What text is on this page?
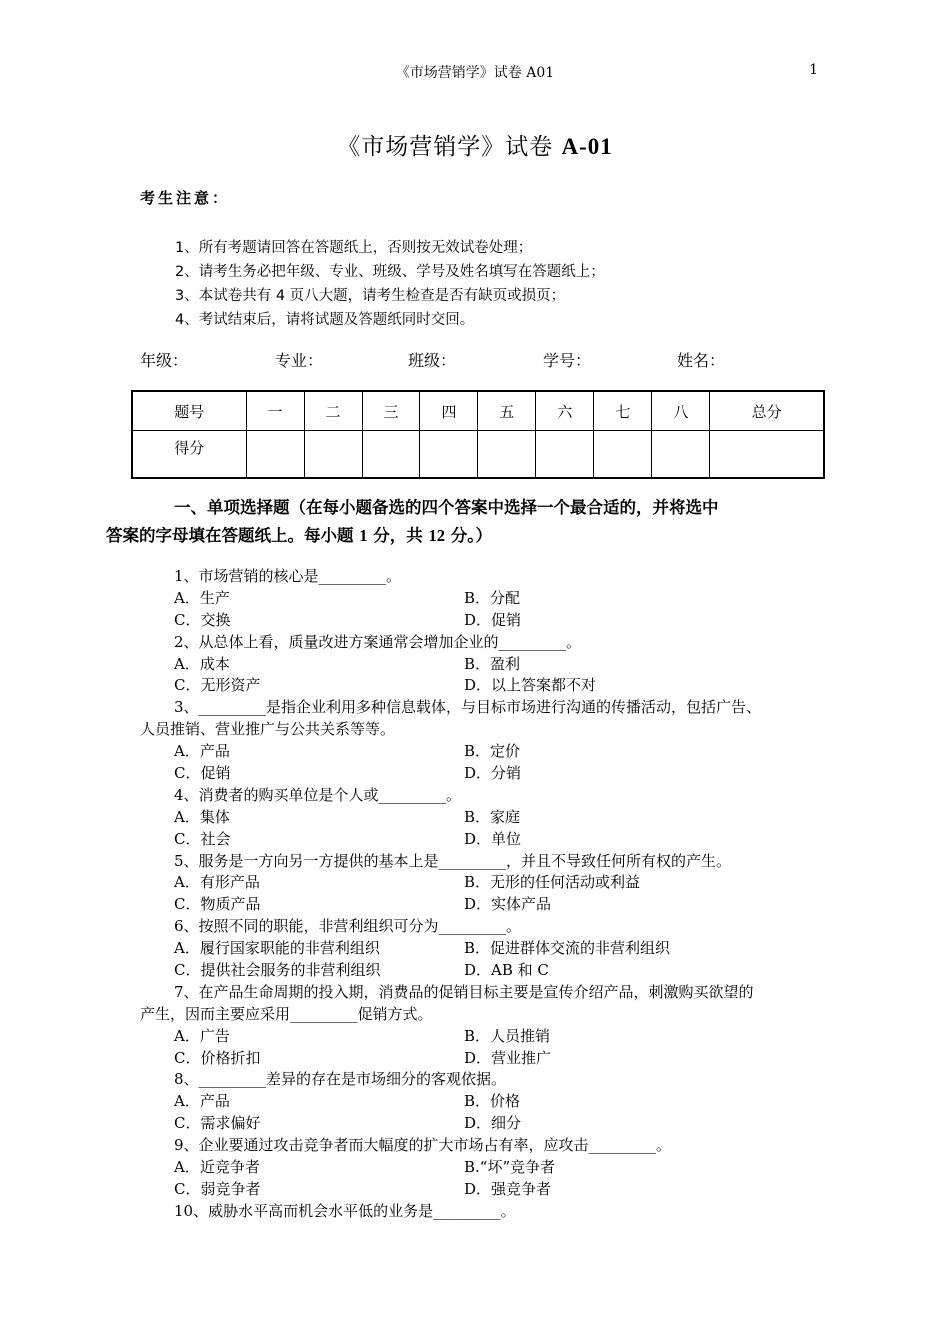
《市场营销学》试卷 A01	1
《市场营销学》试卷 A-01
考生注意：
1、所有考题请回答在答题纸上，否则按无效试卷处理；
2、请考生务必把年级、专业、班级、学号及姓名填写在答题纸上；
3、本试卷共有 4 页八大题，请考生检查是否有缺页或损页；
4、考试结束后，请将试题及答题纸同时交回。
年级：	专业：	班级：	学号：	姓名：
题号	一	二	三	四	五	六	七	八	总分
得分									
一、单项选择题（在每小题备选的四个答案中选择一个最合适的，并将选中
答案的字母填在答题纸上。每小题 1 分，共 12 分。）
1、市场营销的核心是_________。
A．生产	B．分配
C．交换	D．促销
2、从总体上看，质量改进方案通常会增加企业的_________。
A．成本	B．盈利
C．无形资产	D．以上答案都不对
3、_________是指企业利用多种信息载体，与目标市场进行沟通的传播活动，包括广告、
人员推销、营业推广与公共关系等等。
A．产品	B．定价
C．促销	D．分销
4、消费者的购买单位是个人或_________。
A．集体	B．家庭
C．社会	D．单位
5、服务是一方向另一方提供的基本上是_________，并且不导致任何所有权的产生。
A．有形产品	B．无形的任何活动或利益
C．物质产品	D．实体产品
6、按照不同的职能，非营利组织可分为_________。
A．履行国家职能的非营利组织	B．促进群体交流的非营利组织
C．提供社会服务的非营利组织	D．AB 和 C
7、在产品生命周期的投入期，消费品的促销目标主要是宣传介绍产品，刺激购买欲望的
产生，因而主要应采用_________促销方式。
A．广告	B．人员推销
C．价格折扣	D．营业推广
8、_________差异的存在是市场细分的客观依据。
A．产品	B．价格
C．需求偏好	D．细分
9、企业要通过攻击竞争者而大幅度的扩大市场占有率，应攻击_________。
A．近竞争者	B.“坏”竞争者
C．弱竞争者	D．强竞争者
10、威胁水平高而机会水平低的业务是_________。
